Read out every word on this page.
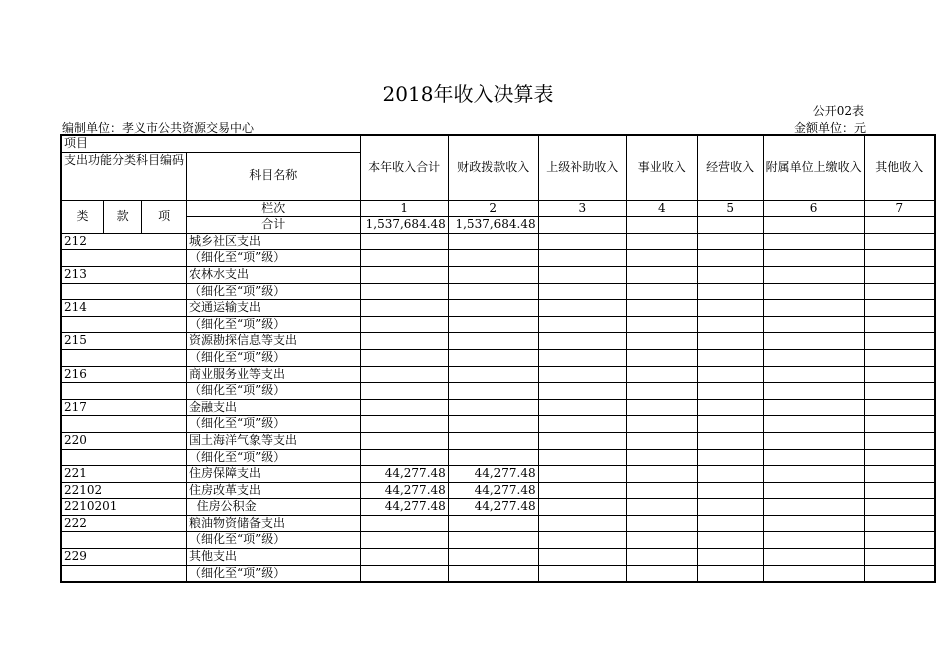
2018年收入决算表
公开02表
编制单位：孝义市公共资源交易中心	金额单位：元
项目				本年收入合计	财政拨款收入	上级补助收入	事业收入	经营收入	附属单位上缴收入	其他收入
支出功能分类科目编码			科目名称							

类	款	项	栏次	1	2	3	4	5	6	7
			合计	1,537,684.48	1,537,684.48					
212			城乡社区支出							
			（细化至“项”级）							
213			农林水支出							
			（细化至“项”级）							
214			交通运输支出							
			（细化至“项”级）							
215			资源勘探信息等支出							
			（细化至“项”级）							
216			商业服务业等支出							
			（细化至“项”级）							
217			金融支出							
			（细化至“项”级）							
220			国土海洋气象等支出							
			（细化至“项”级）							
221			住房保障支出	44,277.48	44,277.48					
22102			住房改革支出	44,277.48	44,277.48					
2210201			住房公积金	44,277.48	44,277.48					
222			粮油物资储备支出							
			（细化至“项”级）							
229			其他支出							
			（细化至“项”级）							
